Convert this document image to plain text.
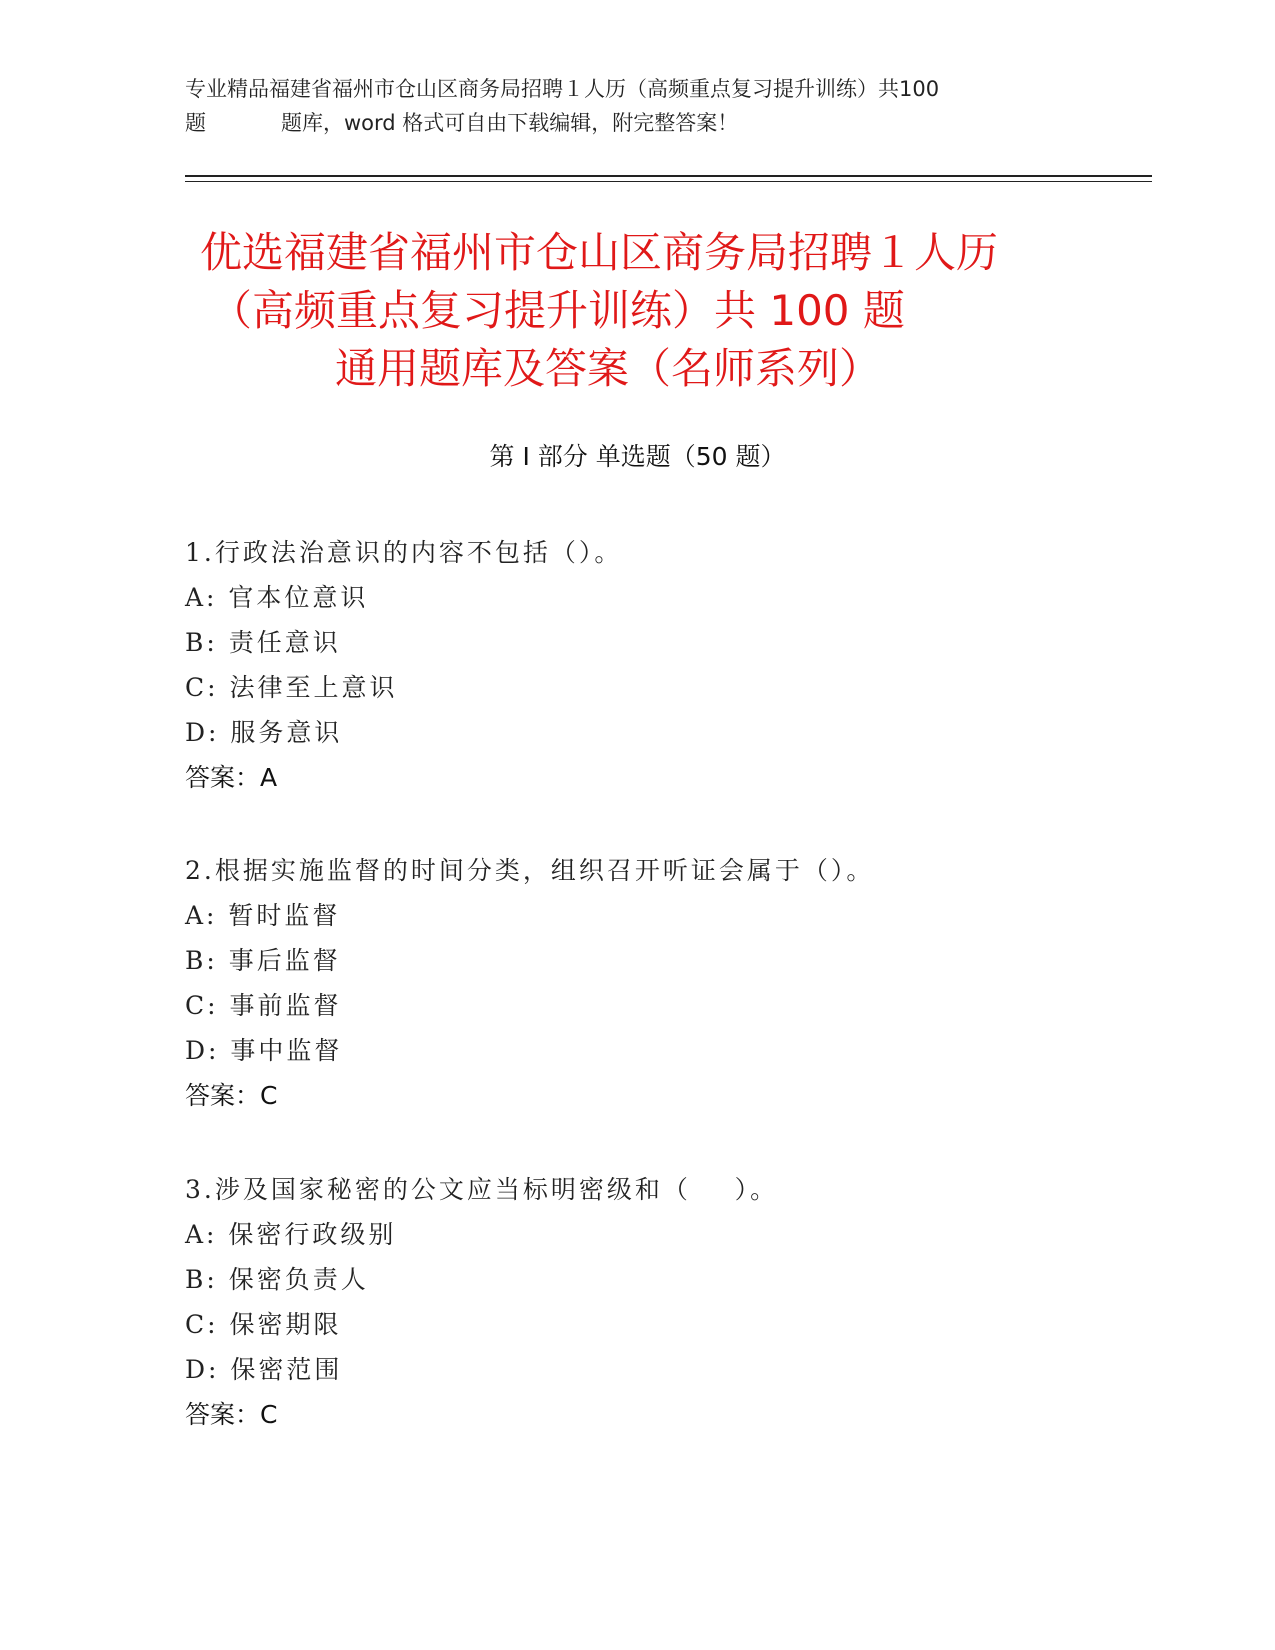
专业精品福建省福州市仓山区商务局招聘１人历（高频重点复习提升训练）共100
题	题库，word 格式可自由下载编辑，附完整答案！
优选福建省福州市仓山区商务局招聘１人历
（高频重点复习提升训练）共 100 题
通用题库及答案（名师系列）
第 I 部分 单选题（50 题）
1.行政法治意识的内容不包括（）。
A: 官本位意识
B: 责任意识
C: 法律至上意识
D: 服务意识
答案：A
2.根据实施监督的时间分类，组织召开听证会属于（）。
A: 暂时监督
B: 事后监督
C: 事前监督
D: 事中监督
答案：C
3.涉及国家秘密的公文应当标明密级和（    ）。
A: 保密行政级别
B: 保密负责人
C: 保密期限
D: 保密范围
答案：C
